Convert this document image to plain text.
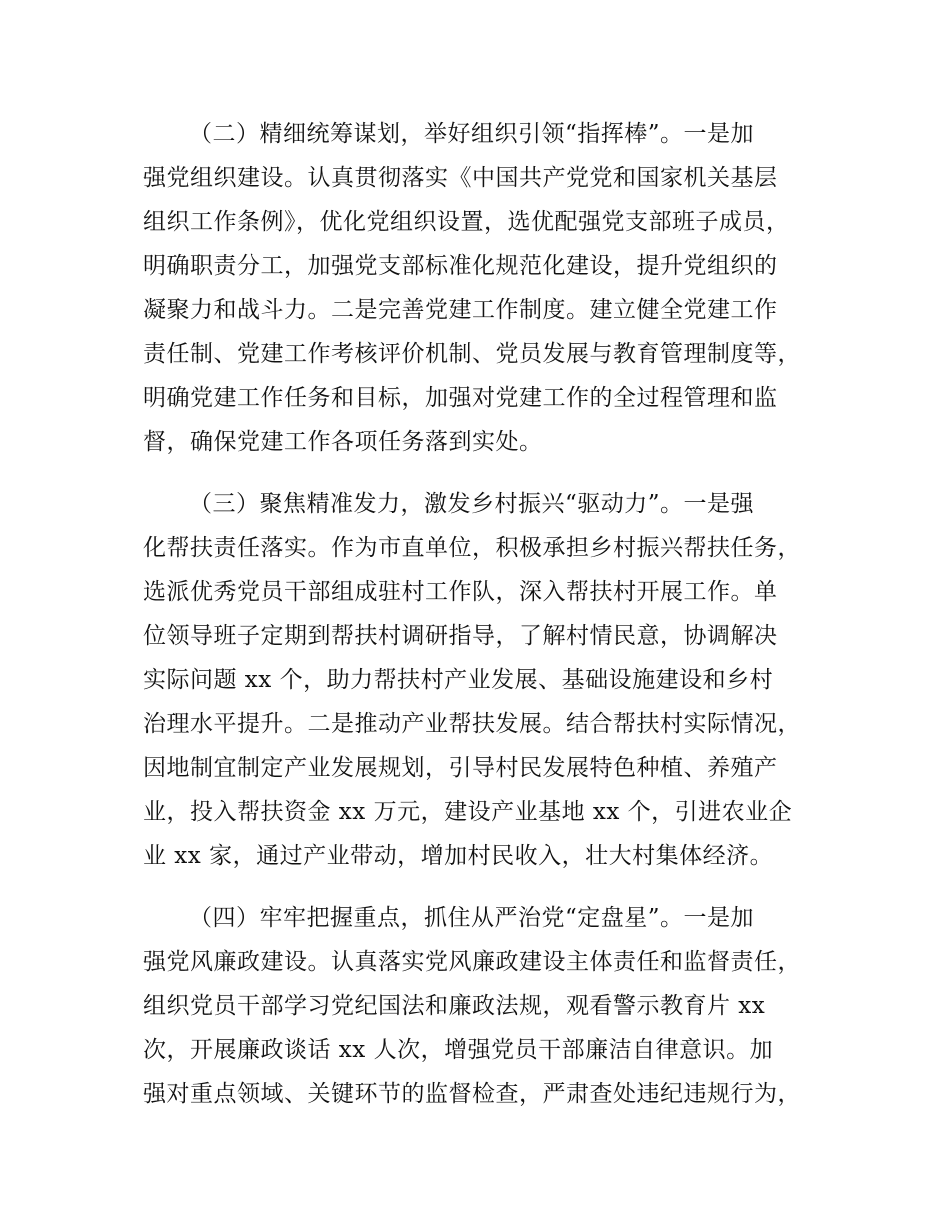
（二）精细统筹谋划，举好组织引领“指挥棒”。一是加
强党组织建设。认真贯彻落实《中国共产党党和国家机关基层
组织工作条例》，优化党组织设置，选优配强党支部班子成员，
明确职责分工，加强党支部标准化规范化建设，提升党组织的
凝聚力和战斗力。二是完善党建工作制度。建立健全党建工作
责任制、党建工作考核评价机制、党员发展与教育管理制度等，
明确党建工作任务和目标，加强对党建工作的全过程管理和监
督，确保党建工作各项任务落到实处。
（三）聚焦精准发力，激发乡村振兴“驱动力”。一是强
化帮扶责任落实。作为市直单位，积极承担乡村振兴帮扶任务，
选派优秀党员干部组成驻村工作队，深入帮扶村开展工作。单
位领导班子定期到帮扶村调研指导，了解村情民意，协调解决
实际问题 xx 个，助力帮扶村产业发展、基础设施建设和乡村
治理水平提升。二是推动产业帮扶发展。结合帮扶村实际情况，
因地制宜制定产业发展规划，引导村民发展特色种植、养殖产
业，投入帮扶资金 xx 万元，建设产业基地 xx 个，引进农业企
业 xx 家，通过产业带动，增加村民收入，壮大村集体经济。
（四）牢牢把握重点，抓住从严治党“定盘星”。一是加
强党风廉政建设。认真落实党风廉政建设主体责任和监督责任，
组织党员干部学习党纪国法和廉政法规，观看警示教育片 xx
次，开展廉政谈话 xx 人次，增强党员干部廉洁自律意识。加
强对重点领域、关键环节的监督检查，严肃查处违纪违规行为，
